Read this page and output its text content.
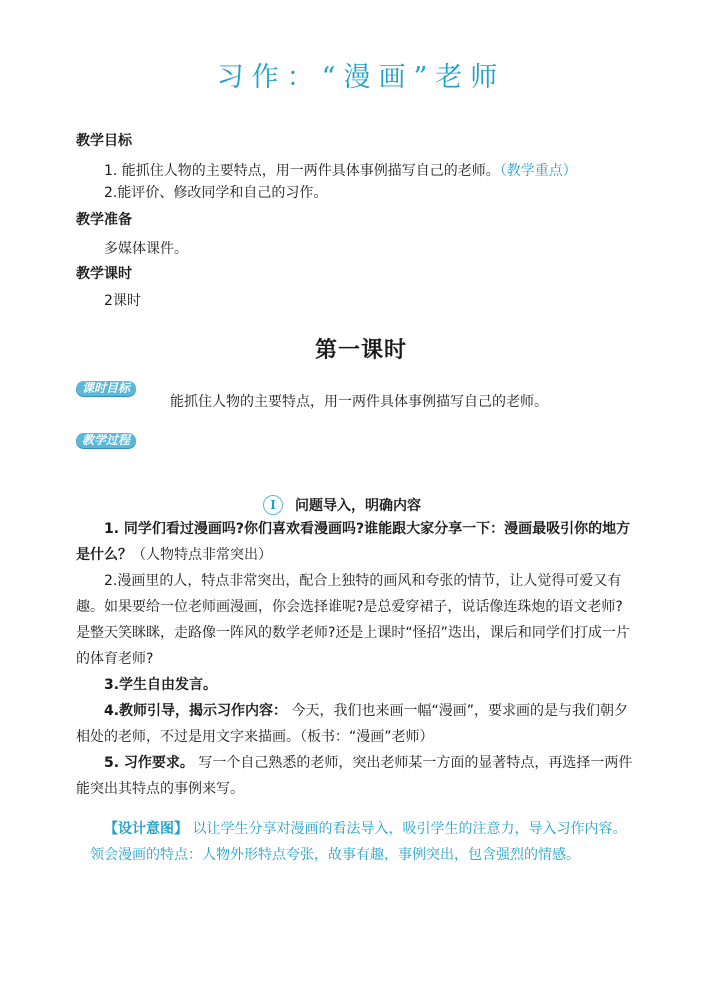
习作：“漫画”老师
教学目标
1. 能抓住人物的主要特点，用一两件具体事例描写自己的老师。（教学重点）
2.能评价、修改同学和自己的习作。
教学准备
多媒体课件。
教学课时
2课时
第一课时
课时目标
能抓住人物的主要特点，用一两件具体事例描写自己的老师。
教学过程
I	问题导入，明确内容
1. 同学们看过漫画吗?你们喜欢看漫画吗?谁能跟大家分享一下：漫画最吸引你的地方是什么？（人物特点非常突出）
2.漫画里的人，特点非常突出，配合上独特的画风和夸张的情节，让人觉得可爱又有趣。如果要给一位老师画漫画，你会选择谁呢?是总爱穿裙子，说话像连珠炮的语文老师?是整天笑眯眯，走路像一阵风的数学老师?还是上课时“怪招”迭出，课后和同学们打成一片的体育老师?
3.学生自由发言。
4.教师引导，揭示习作内容： 今天，我们也来画一幅“漫画”，要求画的是与我们朝夕相处的老师，不过是用文字来描画。（板书：“漫画”老师）
5. 习作要求。 写一个自己熟悉的老师，突出老师某一方面的显著特点，再选择一两件能突出其特点的事例来写。
【设计意图】 以让学生分享对漫画的看法导入，吸引学生的注意力，导入习作内容。领会漫画的特点：人物外形特点夸张，故事有趣，事例突出，包含强烈的情感。
